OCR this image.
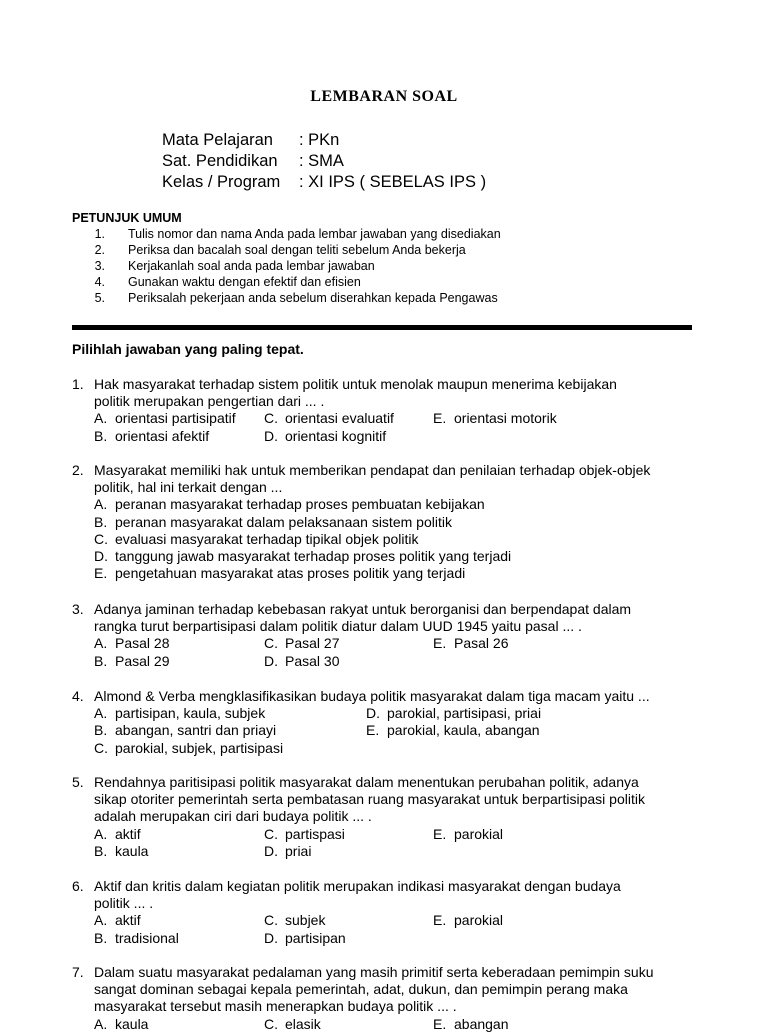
LEMBARAN SOAL
Mata Pelajaran : PKn
Sat. Pendidikan : SMA
Kelas / Program : XI IPS ( SEBELAS IPS )
PETUNJUK UMUM
1. Tulis nomor dan nama Anda pada lembar jawaban yang disediakan
2. Periksa dan bacalah soal dengan teliti sebelum Anda bekerja
3. Kerjakanlah soal anda pada lembar jawaban
4. Gunakan waktu dengan efektif dan efisien
5. Periksalah pekerjaan anda sebelum diserahkan kepada Pengawas
Pilihlah jawaban yang paling tepat.
1. Hak masyarakat terhadap sistem politik untuk menolak maupun menerima kebijakan
politik merupakan pengertian dari ... .
A. orientasi partisipatif C. orientasi evaluatif	E. orientasi motorik
B. orientasi afektif	D. orientasi kognitif
2. Masyarakat memiliki hak untuk memberikan pendapat dan penilaian terhadap objek-objek
politik, hal ini terkait dengan ...
A. peranan masyarakat terhadap proses pembuatan kebijakan
B. peranan masyarakat dalam pelaksanaan sistem politik
C. evaluasi masyarakat terhadap tipikal objek politik
D. tanggung jawab masyarakat terhadap proses politik yang terjadi
E. pengetahuan masyarakat atas proses politik yang terjadi
3. Adanya jaminan terhadap kebebasan rakyat untuk berorganisi dan berpendapat dalam
rangka turut berpartisipasi dalam politik diatur dalam UUD 1945 yaitu pasal ... .
A. Pasal 28	C. Pasal 27	E. Pasal 26
B. Pasal 29	D. Pasal 30
4. Almond & Verba mengklasifikasikan budaya politik masyarakat dalam tiga macam yaitu ...
A. partisipan, kaula, subjek	D. parokial, partisipasi, priai
B. abangan, santri dan priayi	E. parokial, kaula, abangan
C. parokial, subjek, partisipasi
5. Rendahnya paritisipasi politik masyarakat dalam menentukan perubahan politik, adanya
sikap otoriter pemerintah serta pembatasan ruang masyarakat untuk berpartisipasi politik
adalah merupakan ciri dari budaya politik ... .
A. aktif	C. partispasi	E. parokial
B. kaula	D. priai
6. Aktif dan kritis dalam kegiatan politik merupakan indikasi masyarakat dengan budaya
politik ... .
A. aktif	C. subjek	E. parokial
B. tradisional	D. partisipan
7. Dalam suatu masyarakat pedalaman yang masih primitif serta keberadaan pemimpin suku
sangat dominan sebagai kepala pemerintah, adat, dukun, dan pemimpin perang maka
masyarakat tersebut masih menerapkan budaya politik ... .
A. kaula	C. elasik	E. abangan
